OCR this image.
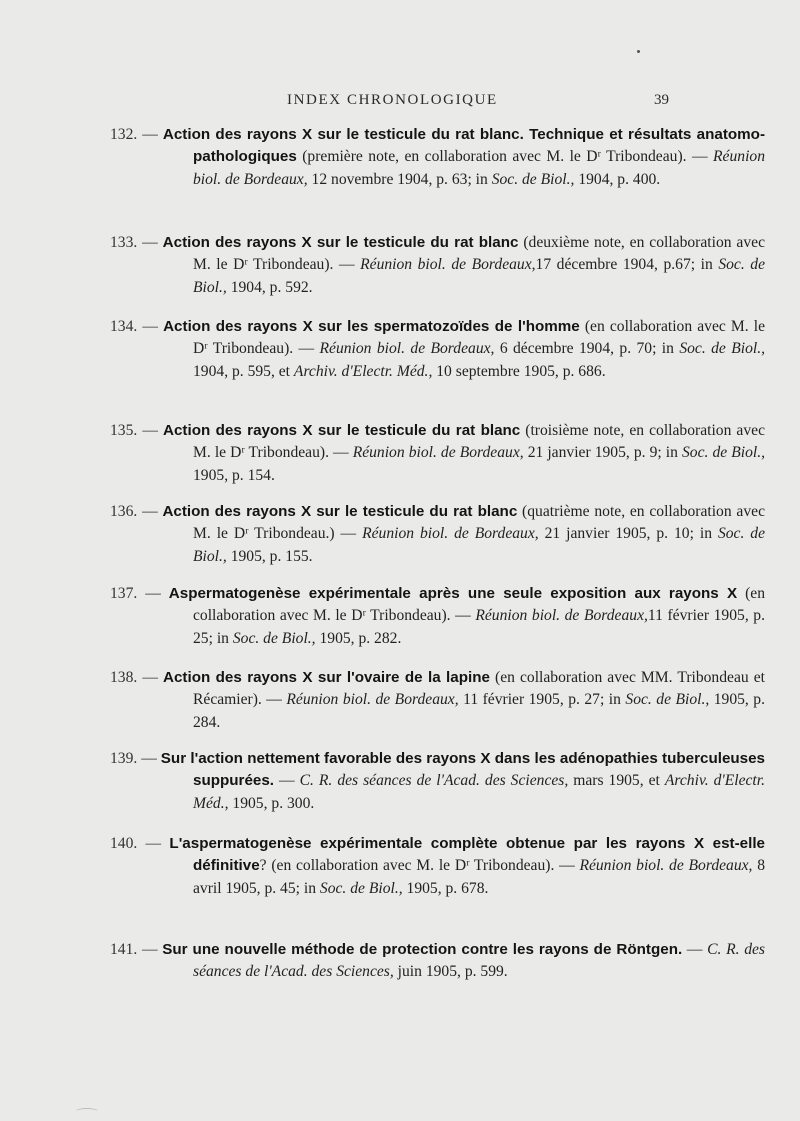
INDEX CHRONOLOGIQUE	39

132. — Action des rayons X sur le testicule du rat blanc. Technique et résultats anatomo-pathologiques (première note, en collaboration avec M. le Dʳ Tribondeau). — Réunion biol. de Bordeaux, 12 novembre 1904, p. 63; in Soc. de Biol., 1904, p. 400.

133. — Action des rayons X sur le testicule du rat blanc (deuxième note, en collaboration avec M. le Dʳ Tribondeau). — Réunion biol. de Bordeaux,17 décembre 1904, p.67; in Soc. de Biol., 1904, p. 592.

134. — Action des rayons X sur les spermatozoïdes de l'homme (en collaboration avec M. le Dʳ Tribondeau). — Réunion biol. de Bordeaux, 6 décembre 1904, p. 70; in Soc. de Biol., 1904, p. 595, et Archiv. d'Electr. Méd., 10 septembre 1905, p. 686.

135. — Action des rayons X sur le testicule du rat blanc (troisième note, en collaboration avec M. le Dʳ Tribondeau). — Réunion biol. de Bordeaux, 21 janvier 1905, p. 9; in Soc. de Biol., 1905, p. 154.

136. — Action des rayons X sur le testicule du rat blanc (quatrième note, en collaboration avec M. le Dʳ Tribondeau.) — Réunion biol. de Bordeaux, 21 janvier 1905, p. 10; in Soc. de Biol., 1905, p. 155.

137. — Aspermatogenèse expérimentale après une seule exposition aux rayons X (en collaboration avec M. le Dʳ Tribondeau). — Réunion biol. de Bordeaux,11 février 1905, p. 25; in Soc. de Biol., 1905, p. 282.

138. — Action des rayons X sur l'ovaire de la lapine (en collaboration avec MM. Tribondeau et Récamier). — Réunion biol. de Bordeaux, 11 février 1905, p. 27; in Soc. de Biol., 1905, p. 284.

139. — Sur l'action nettement favorable des rayons X dans les adénopathies tuberculeuses suppurées. — C. R. des séances de l'Acad. des Sciences, mars 1905, et Archiv. d'Electr. Méd., 1905, p. 300.

140. — L'aspermatogenèse expérimentale complète obtenue par les rayons X est-elle définitive? (en collaboration avec M. le Dʳ Tribondeau). — Réunion biol. de Bordeaux, 8 avril 1905, p. 45; in Soc. de Biol., 1905, p. 678.

141. — Sur une nouvelle méthode de protection contre les rayons de Röntgen. — C. R. des séances de l'Acad. des Sciences, juin 1905, p. 599.
